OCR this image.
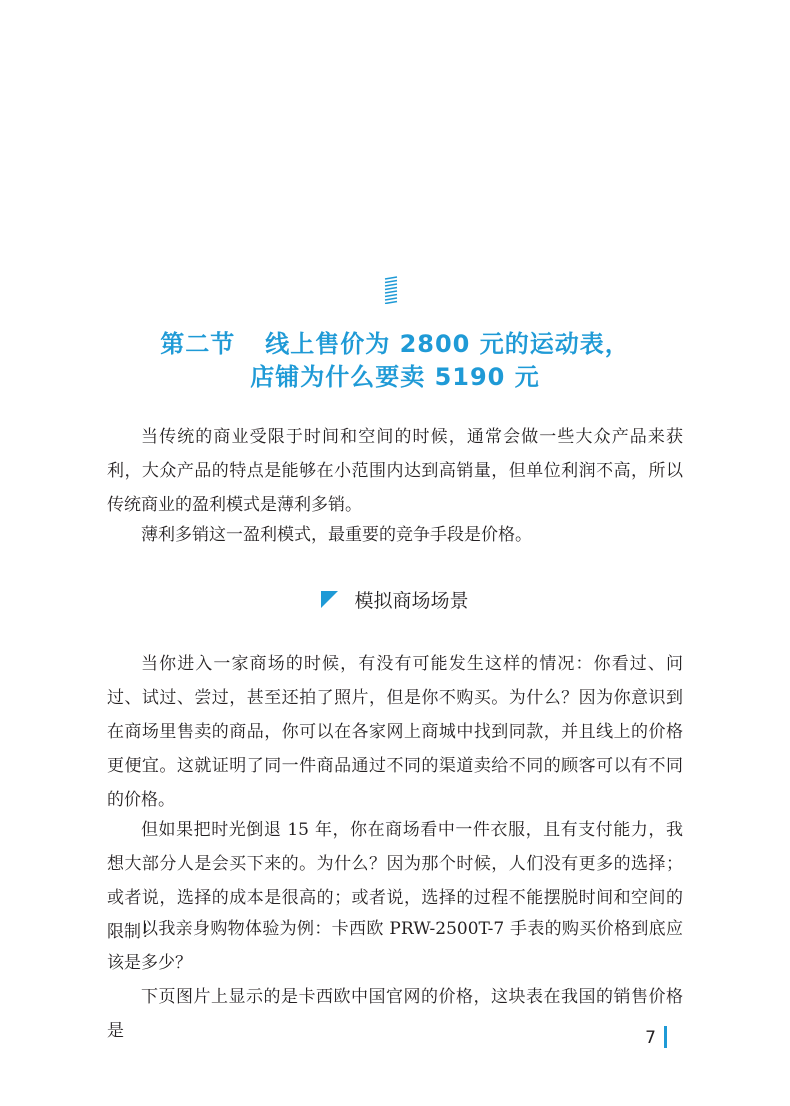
第二节 线上售价为 2800 元的运动表，
店铺为什么要卖 5190 元

当传统的商业受限于时间和空间的时候，通常会做一些大众产品来获利，大众产品的特点是能够在小范围内达到高销量，但单位利润不高，所以传统商业的盈利模式是薄利多销。

薄利多销这一盈利模式，最重要的竞争手段是价格。

模拟商场场景

当你进入一家商场的时候，有没有可能发生这样的情况：你看过、问过、试过、尝过，甚至还拍了照片，但是你不购买。为什么？因为你意识到在商场里售卖的商品，你可以在各家网上商城中找到同款，并且线上的价格更便宜。这就证明了同一件商品通过不同的渠道卖给不同的顾客可以有不同的价格。

但如果把时光倒退 15 年，你在商场看中一件衣服，且有支付能力，我想大部分人是会买下来的。为什么？因为那个时候，人们没有更多的选择；或者说，选择的成本是很高的；或者说，选择的过程不能摆脱时间和空间的限制！

以我亲身购物体验为例：卡西欧 PRW-2500T-7 手表的购买价格到底应该是多少？

下页图片上显示的是卡西欧中国官网的价格，这块表在我国的销售价格是	7
